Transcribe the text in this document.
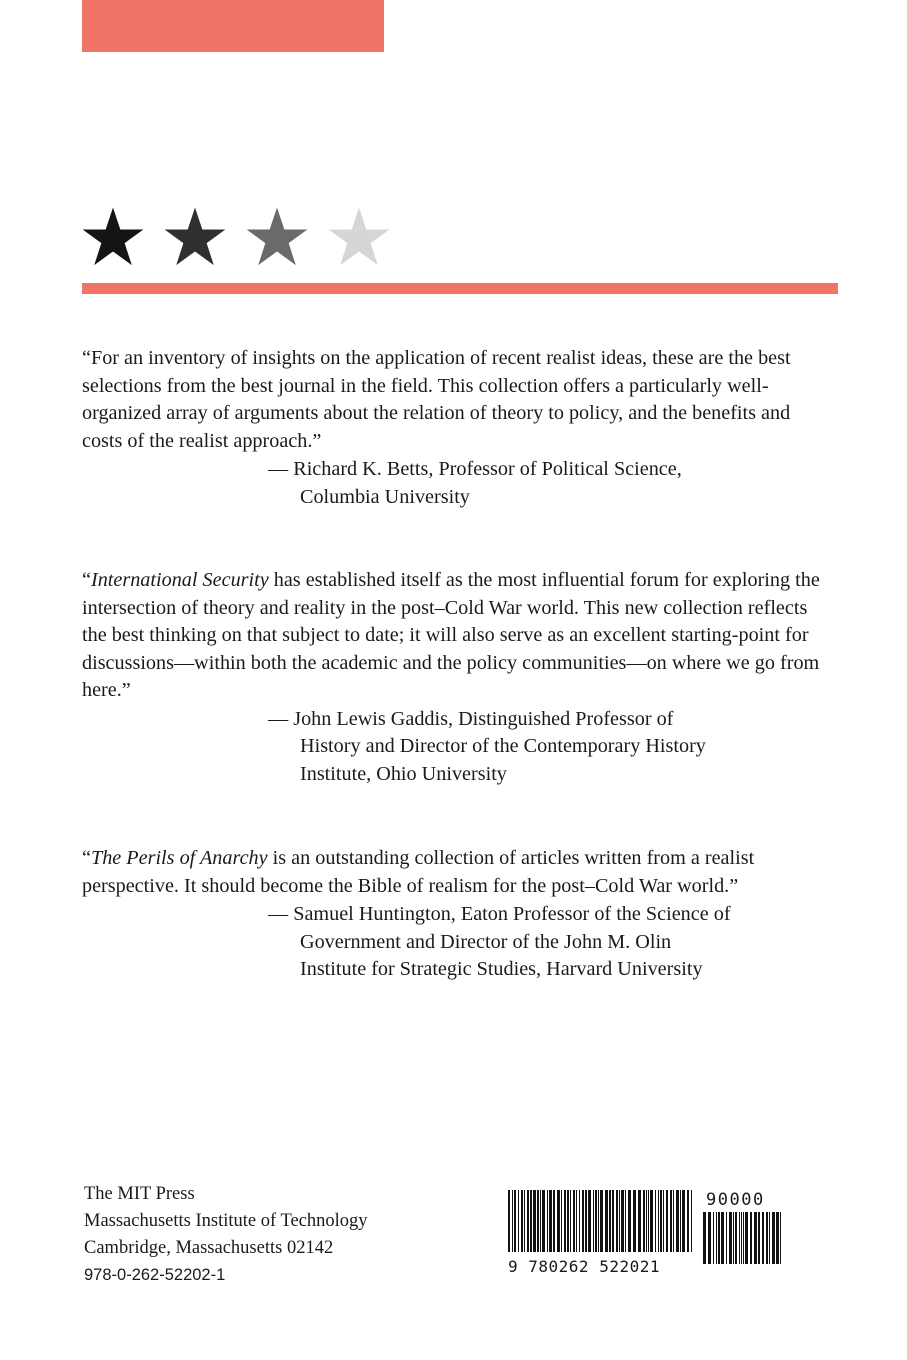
“For an inventory of insights on the application of recent realist ideas, these are the best selections from the best journal in the field. This collection offers a particularly well-organized array of arguments about the relation of theory to policy, and the benefits and costs of the realist approach.”

— Richard K. Betts, Professor of Political Science,
Columbia University

“International Security has established itself as the most influential forum for exploring the intersection of theory and reality in the post–Cold War world. This new collection reflects the best thinking on that subject to date; it will also serve as an excellent starting-point for discussions—within both the academic and the policy communities—on where we go from here.”

— John Lewis Gaddis, Distinguished Professor of
History and Director of the Contemporary History
Institute, Ohio University

“The Perils of Anarchy is an outstanding collection of articles written from a realist perspective. It should become the Bible of realism for the post–Cold War world.”

— Samuel Huntington, Eaton Professor of the Science of
Government and Director of the John M. Olin
Institute for Strategic Studies, Harvard University
The MIT Press
Massachusetts Institute of Technology
Cambridge, Massachusetts 02142
978-0-262-52202-1	9 780262 522021
90000
